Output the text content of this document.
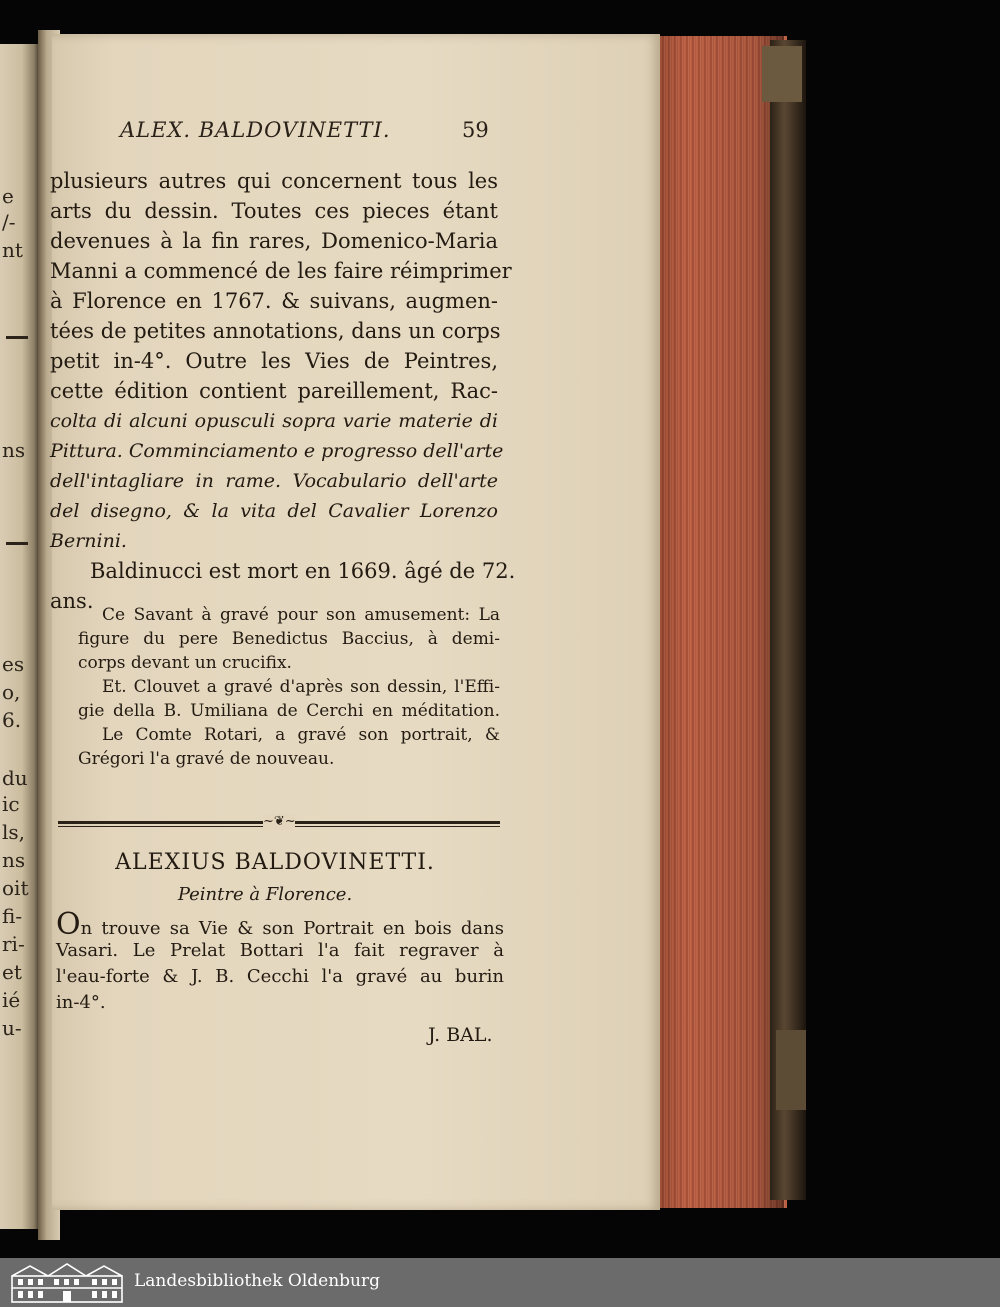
e
/-
nt
ns
es
o,
6.
du
ic
ls,
ns
oit
fi-
ri-
et
ié
u-
ALEX. BALDOVINETTI.	59
plusieurs autres qui concernent tous les
arts du dessin. Toutes ces pieces étant
devenues à la fin rares, Domenico-Maria
Manni a commencé de les faire réimprimer
à Florence en 1767. & suivans, augmen-
tées de petites annotations, dans un corps
petit in-4°. Outre les Vies de Peintres,
cette édition contient pareillement, Rac-
colta di alcuni opusculi sopra varie materie di
Pittura. Comminciamento e progresso dell'arte
dell'intagliare in rame. Vocabulario dell'arte
del disegno, & la vita del Cavalier Lorenzo
Bernini.
Baldinucci est mort en 1669. âgé de 72.
ans.
Ce Savant à gravé pour son amusement: La
figure du pere Benedictus Baccius, à demi-
corps devant un crucifix.
Et. Clouvet a gravé d'après son dessin, l'Effi-
gie della B. Umiliana de Cerchi en méditation.
Le Comte Rotari, a gravé son portrait, &
Grégori l'a gravé de nouveau.
~❦~
ALEXIUS BALDOVINETTI.
Peintre à Florence.
On trouve sa Vie & son Portrait en bois dans
Vasari. Le Prelat Bottari l'a fait regraver à
l'eau-forte & J. B. Cecchi l'a gravé au burin
in-4°.
J. BAL.
Landesbibliothek Oldenburg
